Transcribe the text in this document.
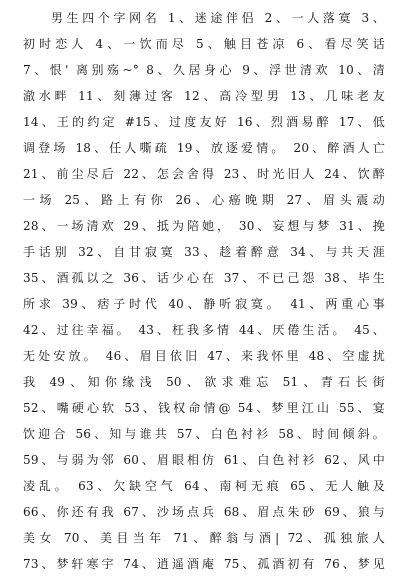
男生四个字网名 1、迷途伴侣 2、一人落寞 3、

初时恋人 4、一饮而尽 5、触目苍凉 6、看尽笑话

7、恨' 离别殇~° 8、久居身心 9、浮世清欢 10、清

澈水畔 11、刻薄过客 12、高冷型男 13、几味老友

14、王的约定 #15、过度友好 16、烈酒易醉 17、低

调登场 18、任人嘶疏 19、放逐爱情。 20、醉酒人亡

21、前尘尽后 22、怎会舍得 23、时光旧人 24、饮醉

一场 25、路上有你 26、心癌晚期 27、眉头震动

28、一场清欢 29、抵为陪她， 30、妄想与梦 31、挽

手话别 32、自甘寂寞 33、趁着醉意 34、与共天涯

35、酒孤以之 36、话少心在 37、不已己怨 38、毕生

所求 39、痞子时代 40、静听寂寞。 41、两重心事

42、过往幸福。 43、枉我多情 44、厌倦生活。 45、

无处安放。 46、眉目依旧 47、来我怀里 48、空虚扰

我 49、知你缘浅 50、欲求难忘 51、青石长街

52、嘴硬心软 53、钱权命情@ 54、梦里江山 55、宴

饮迎合 56、知与谁共 57、白色衬衫 58、时间倾斜。

59、与弱为邻 60、眉眼相仿 61、白色衬衫 62、风中

凌乱。 63、欠缺空气 64、南柯无痕 65、无人触及

66、你还有我 67、沙场点兵 68、眉点朱砂 69、狼与

美女 70、美目当年 71、醉翁与酒| 72、孤独旅人

73、梦轩寒宇 74、逍遥酒庵 75、孤酒初有 76、梦见
